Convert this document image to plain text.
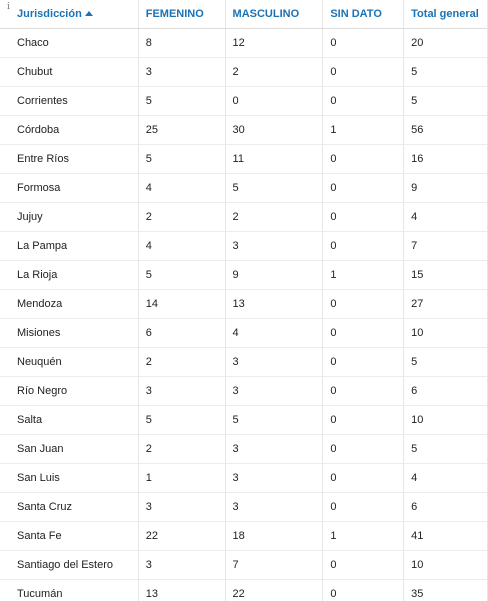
i
Jurisdicción	FEMENINO	MASCULINO	SIN DATO	Total general
Chaco	8	12	0	20
Chubut	3	2	0	5
Corrientes	5	0	0	5
Córdoba	25	30	1	56
Entre Ríos	5	11	0	16
Formosa	4	5	0	9
Jujuy	2	2	0	4
La Pampa	4	3	0	7
La Rioja	5	9	1	15
Mendoza	14	13	0	27
Misiones	6	4	0	10
Neuquén	2	3	0	5
Río Negro	3	3	0	6
Salta	5	5	0	10
San Juan	2	3	0	5
San Luis	1	3	0	4
Santa Cruz	3	3	0	6
Santa Fe	22	18	1	41
Santiago del Estero	3	7	0	10
Tucumán	13	22	0	35
